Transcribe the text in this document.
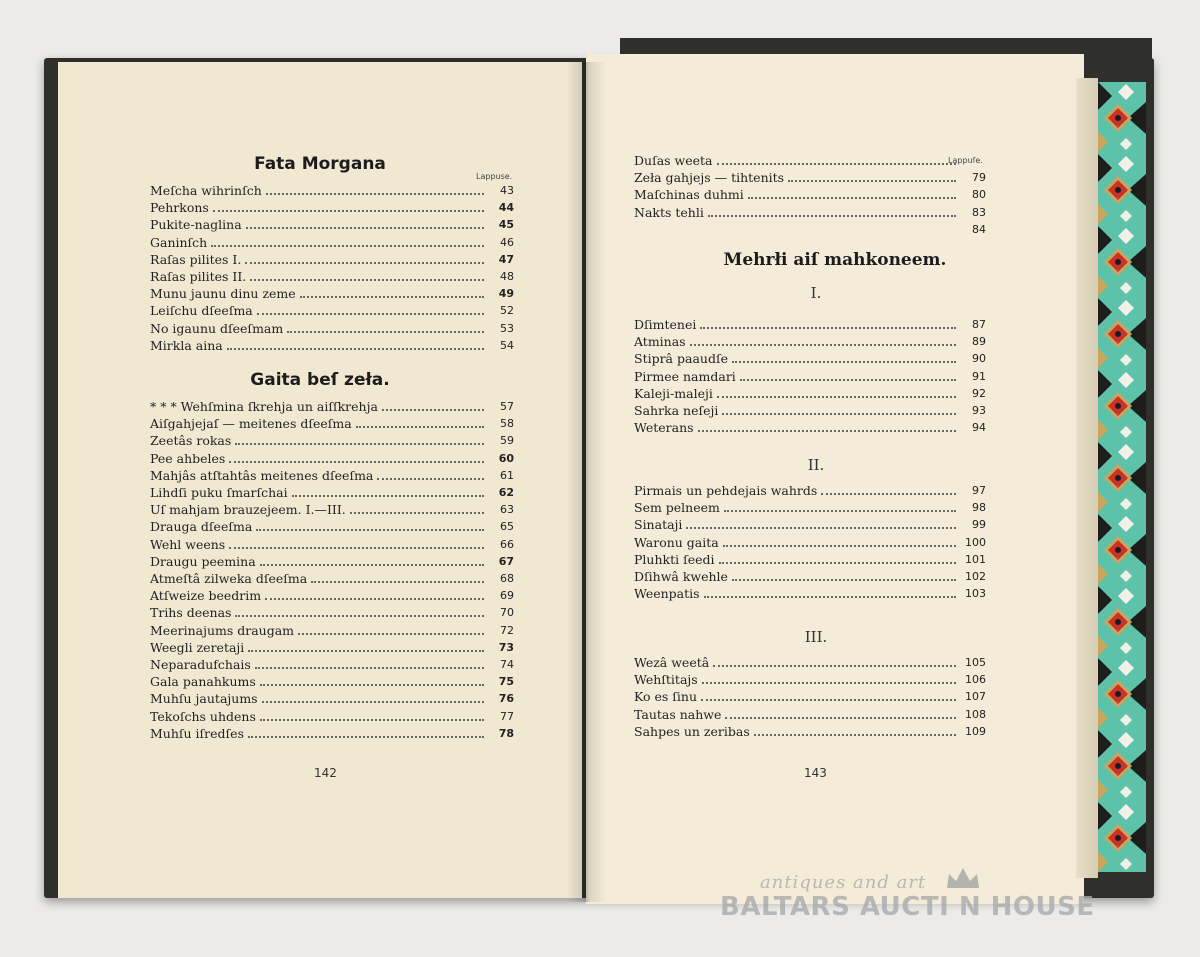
Fata Morgana
Lappuse.
Meſcha wihrinſch	43
Pehrkons	44
Pukite-naglina	45
Ganinſch	46
Raſas pilites I.	47
Raſas pilites II.	48
Munu jaunu dinu zeme	49
Leiſchu dſeeſma	52
No igaunu dſeeſmam	53
Mirkla aina	54
Gaita beſ zeła.
* * * Wehſmina ſkrehja un aiſſkrehja	57
Aiſgahjejaſ — meitenes dſeeſma	58
Zeetâs rokas	59
Pee ahbeles	60
Mahjâs atſtahtâs meitenes dſeeſma	61
Lihdſi puku ſmarſchai	62
Uſ mahjam brauzejeem. I.—III.	63
Drauga dſeeſma	65
Wehl weens	66
Draugu peemina	67
Atmeſtâ zilweka dſeeſma	68
Atſweize beedrim	69
Trihs deenas	70
Meerinajums draugam	72
Weegli zeretaji	73
Neparadufchais	74
Gala panahkums	75
Muhſu jautajums	76
Tekoſchs uhdens	77
Muhſu iſredſes	78
142
Lappuſe.
Duſas weeta
Zeła gahjejs — tihtenits	79
Maſchinas duhmi	80
Nakts tehli	83
84
Mehrłi aiſ mahkoneem.
I.
Dſimtenei	87
Atminas	89
Stiprâ paaudſe	90
Pirmee namdari	91
Kaleji-maleji	92
Sahrka neſeji	93
Weterans	94
II.
Pirmais un pehdejais wahrds	97
Sem pelneem	98
Sinataji	99
Waronu gaita	100
Pluhkti ſeedi	101
Dſihwâ kwehle	102
Weenpatis	103
III.
Wezâ weetâ	105
Wehſtitajs	106
Ko es ſinu	107
Tautas nahwe	108
Sahpes un zeribas	109
143
antiques and art
BALTARS AUCTI N HOUSE
